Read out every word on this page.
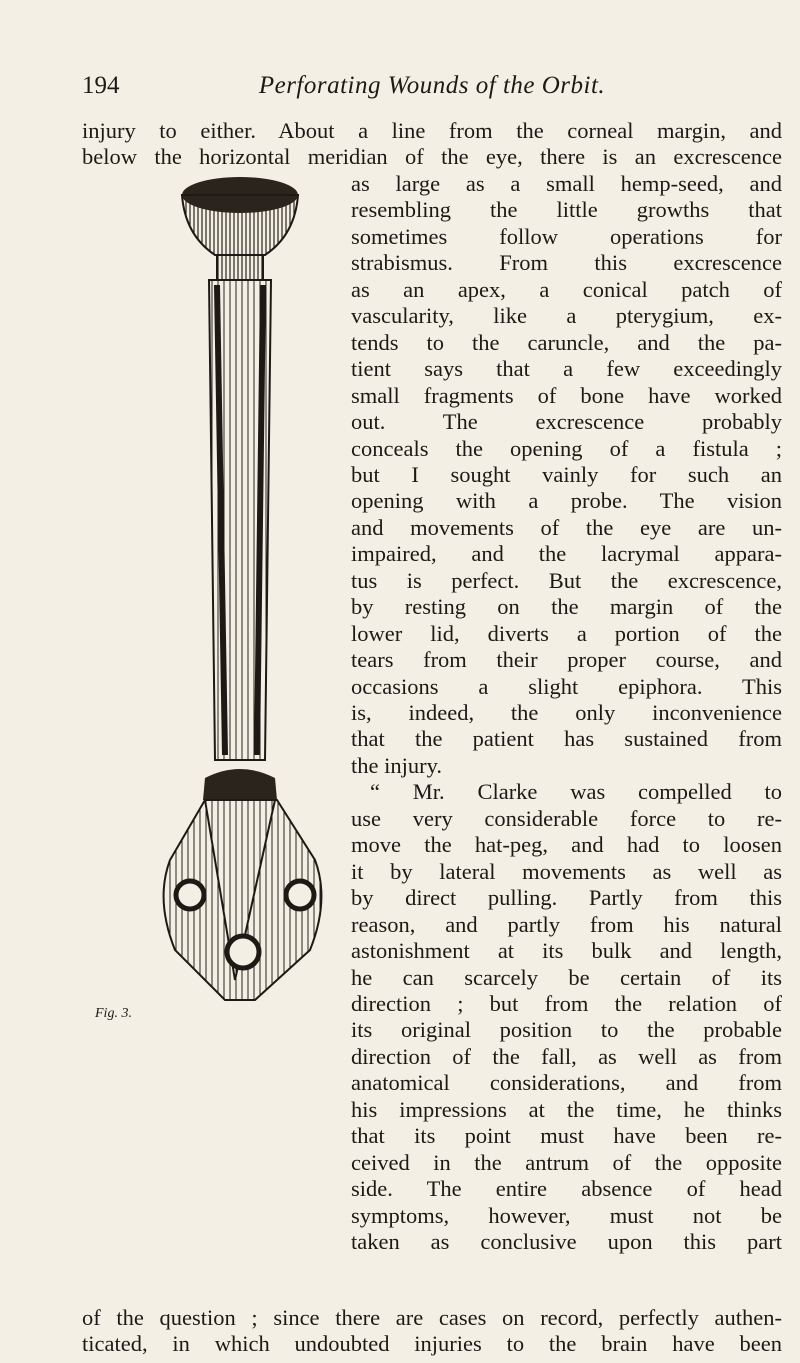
194	Perforating Wounds of the Orbit.
injury to either. About a line from the corneal margin, and
below the horizontal meridian of the eye, there is an excrescence
Fig. 3.
as large as a small hemp-seed, and
resembling the little growths that
sometimes follow operations for
strabismus. From this excrescence
as an apex, a conical patch of
vascularity, like a pterygium, ex-
tends to the caruncle, and the pa-
tient says that a few exceedingly
small fragments of bone have worked
out. The excrescence probably
conceals the opening of a fistula ;
but I sought vainly for such an
opening with a probe. The vision
and movements of the eye are un-
impaired, and the lacrymal appara-
tus is perfect. But the excrescence,
by resting on the margin of the
lower lid, diverts a portion of the
tears from their proper course, and
occasions a slight epiphora. This
is, indeed, the only inconvenience
that the patient has sustained from
the injury.
“ Mr. Clarke was compelled to
use very considerable force to re-
move the hat-peg, and had to loosen
it by lateral movements as well as
by direct pulling. Partly from this
reason, and partly from his natural
astonishment at its bulk and length,
he can scarcely be certain of its
direction ; but from the relation of
its original position to the probable
direction of the fall, as well as from
anatomical considerations, and from
his impressions at the time, he thinks
that its point must have been re-
ceived in the antrum of the opposite
side. The entire absence of head
symptoms, however, must not be
taken as conclusive upon this part
of the question ; since there are cases on record, perfectly authen-
ticated, in which undoubted injuries to the brain have been
